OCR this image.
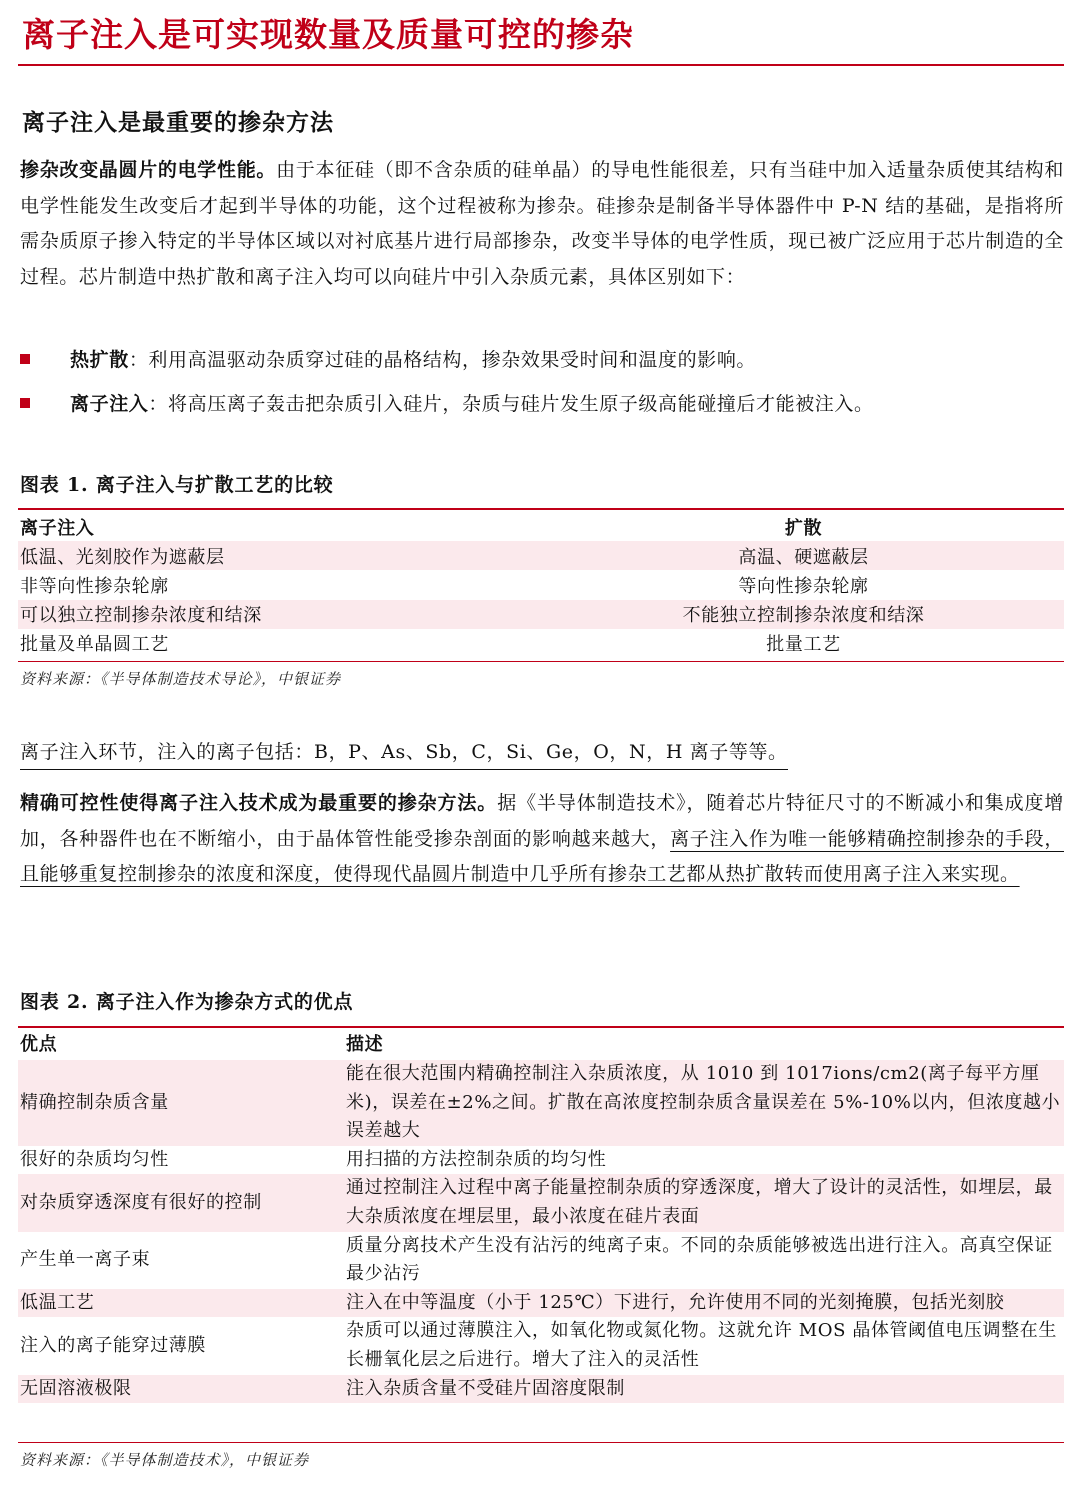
离子注入是可实现数量及质量可控的掺杂
离子注入是最重要的掺杂方法
掺杂改变晶圆片的电学性能。由于本征硅（即不含杂质的硅单晶）的导电性能很差，只有当硅中加入适量杂质使其结构和电学性能发生改变后才起到半导体的功能，这个过程被称为掺杂。硅掺杂是制备半导体器件中 P-N 结的基础，是指将所需杂质原子掺入特定的半导体区域以对衬底基片进行局部掺杂，改变半导体的电学性质，现已被广泛应用于芯片制造的全过程。芯片制造中热扩散和离子注入均可以向硅片中引入杂质元素，具体区别如下：
热扩散：利用高温驱动杂质穿过硅的晶格结构，掺杂效果受时间和温度的影响。
离子注入：将高压离子轰击把杂质引入硅片，杂质与硅片发生原子级高能碰撞后才能被注入。
图表 1. 离子注入与扩散工艺的比较
离子注入	扩散
低温、光刻胶作为遮蔽层	高温、硬遮蔽层
非等向性掺杂轮廓	等向性掺杂轮廓
可以独立控制掺杂浓度和结深	不能独立控制掺杂浓度和结深
批量及单晶圆工艺	批量工艺
资料来源：《半导体制造技术导论》，中银证券
离子注入环节，注入的离子包括：B，P、As、Sb，C，Si、Ge，O，N，H 离子等等。
精确可控性使得离子注入技术成为最重要的掺杂方法。据《半导体制造技术》，随着芯片特征尺寸的不断减小和集成度增加，各种器件也在不断缩小，由于晶体管性能受掺杂剖面的影响越来越大，离子注入作为唯一能够精确控制掺杂的手段，且能够重复控制掺杂的浓度和深度，使得现代晶圆片制造中几乎所有掺杂工艺都从热扩散转而使用离子注入来实现。
图表 2. 离子注入作为掺杂方式的优点
优点	描述
精确控制杂质含量	能在很大范围内精确控制注入杂质浓度，从 1010 到 1017ions/cm2(离子每平方厘米)，误差在±2%之间。扩散在高浓度控制杂质含量误差在 5%-10%以内，但浓度越小误差越大
很好的杂质均匀性	用扫描的方法控制杂质的均匀性
对杂质穿透深度有很好的控制	通过控制注入过程中离子能量控制杂质的穿透深度，增大了设计的灵活性，如埋层，最大杂质浓度在埋层里，最小浓度在硅片表面
产生单一离子束	质量分离技术产生没有沾污的纯离子束。不同的杂质能够被选出进行注入。高真空保证最少沾污
低温工艺	注入在中等温度（小于 125℃）下进行，允许使用不同的光刻掩膜，包括光刻胶
注入的离子能穿过薄膜	杂质可以通过薄膜注入，如氧化物或氮化物。这就允许 MOS 晶体管阈值电压调整在生长栅氧化层之后进行。增大了注入的灵活性
无固溶液极限	注入杂质含量不受硅片固溶度限制
资料来源：《半导体制造技术》，中银证券
